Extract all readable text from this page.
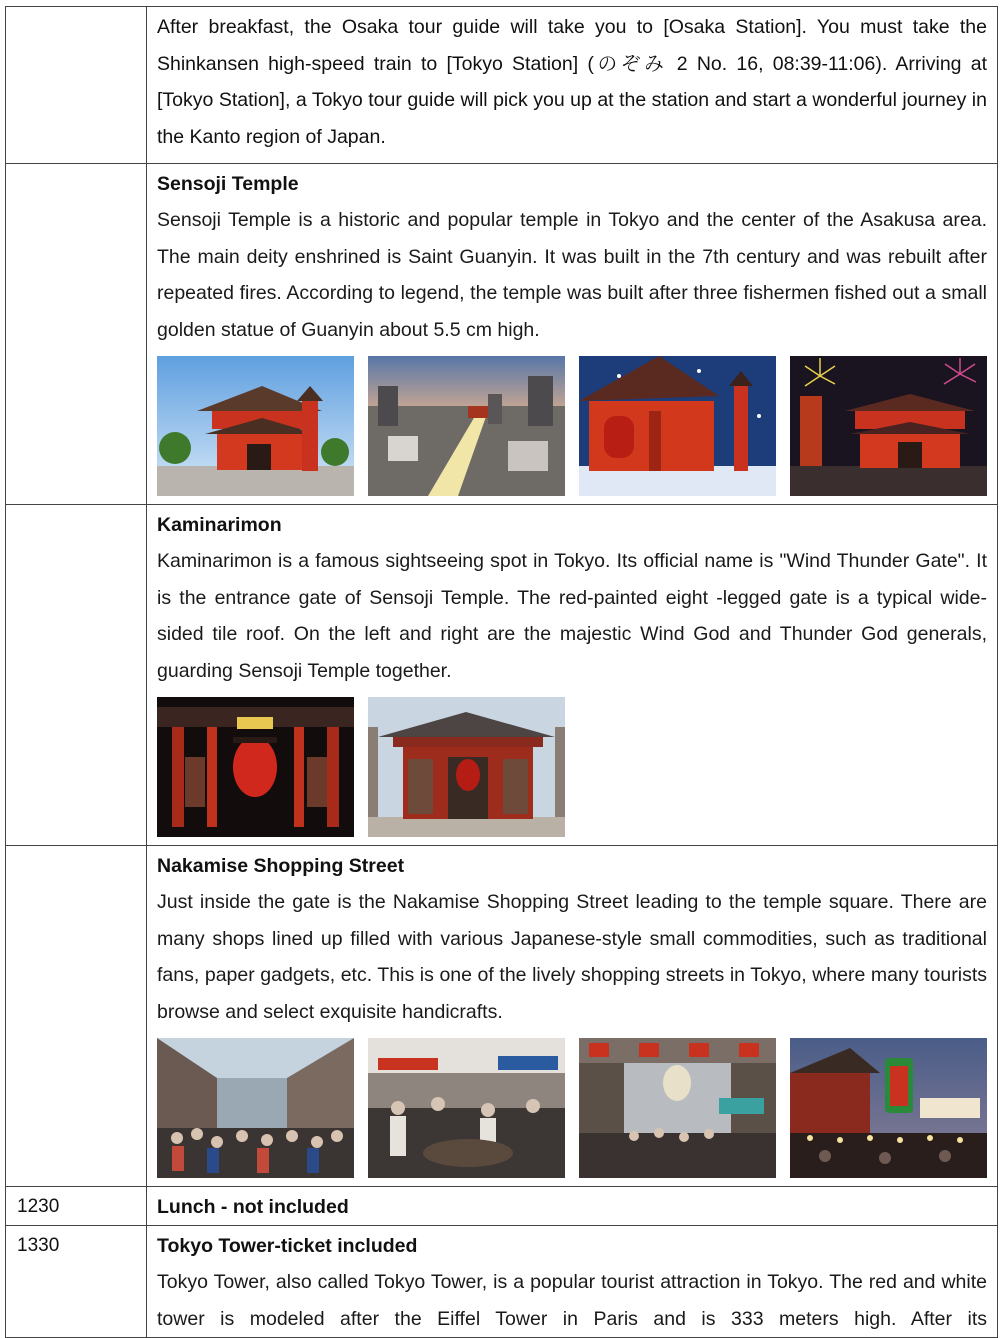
	After breakfast, the Osaka tour guide will take you to [Osaka Station]. You must take the Shinkansen high-speed train to [Tokyo Station] (のぞみ 2 No. 16, 08:39-11:06). Arriving at [Tokyo Station], a Tokyo tour guide will pick you up at the station and start a wonderful journey in the Kanto region of Japan.

	Sensoji Temple
Sensoji Temple is a historic and popular temple in Tokyo and the center of the Asakusa area. The main deity enshrined is Saint Guanyin. It was built in the 7th century and was rebuilt after repeated fires. According to legend, the temple was built after three fishermen fished out a small golden statue of Guanyin about 5.5 cm high.

	Kaminarimon
Kaminarimon is a famous sightseeing spot in Tokyo. Its official name is "Wind Thunder Gate". It is the entrance gate of Sensoji Temple. The red-painted eight -legged gate is a typical wide-sided tile roof. On the left and right are the majestic Wind God and Thunder God generals, guarding Sensoji Temple together.

	Nakamise Shopping Street
Just inside the gate is the Nakamise Shopping Street leading to the temple square. There are many shops lined up filled with various Japanese-style small commodities, such as traditional fans, paper gadgets, etc. This is one of the lively shopping streets in Tokyo, where many tourists browse and select exquisite handicrafts.

1230	Lunch - not included

1330	Tokyo Tower-ticket included
Tokyo Tower, also called Tokyo Tower, is a popular tourist attraction in Tokyo. The red and white tower is modeled after the Eiffel Tower in Paris and is 333 meters high. After its
